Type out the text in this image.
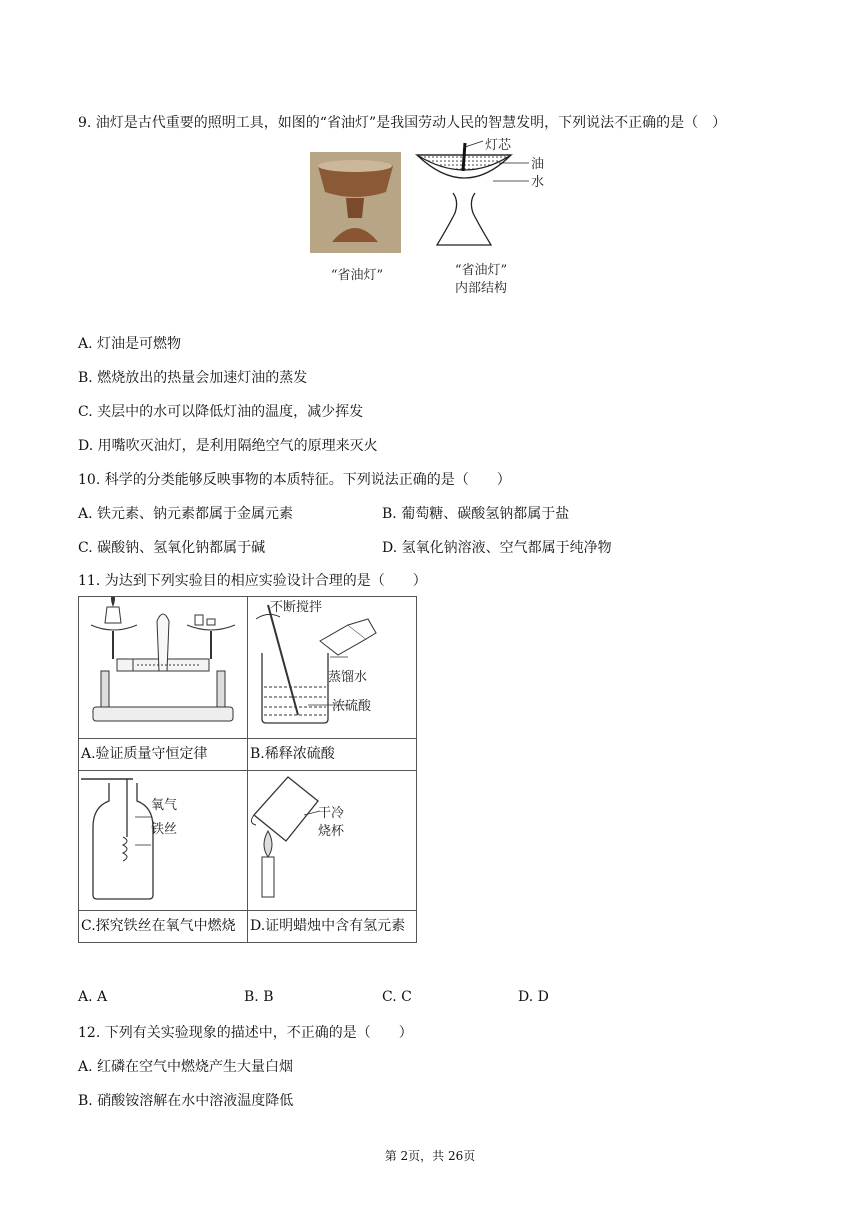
9. 油灯是古代重要的照明工具，如图的“省油灯”是我国劳动人民的智慧发明，下列说法不正确的是（　）
“省油灯”
灯芯
油
水
“省油灯”
内部结构
A. 灯油是可燃物
B. 燃烧放出的热量会加速灯油的蒸发
C. 夹层中的水可以降低灯油的温度，减少挥发
D. 用嘴吹灭油灯，是利用隔绝空气的原理来灭火
10. 科学的分类能够反映事物的本质特征。下列说法正确的是（　　）
A. 铁元素、钠元素都属于金属元素	B. 葡萄糖、碳酸氢钠都属于盐
C. 碳酸钠、氢氧化钠都属于碱	D. 氢氧化钠溶液、空气都属于纯净物
11. 为达到下列实验目的相应实验设计合理的是（　　）

不断搅拌
蒸馏水
浓硫酸

A.验证质量守恒定律	B.稀释浓硫酸

氧气
铁丝	干冷
烧杯

C.探究铁丝在氧气中燃烧	D.证明蜡烛中含有氢元素
A. A	B. B	C. C	D. D
12. 下列有关实验现象的描述中，不正确的是（　　）
A. 红磷在空气中燃烧产生大量白烟
B. 硝酸铵溶解在水中溶液温度降低
第 2页，共 26页
